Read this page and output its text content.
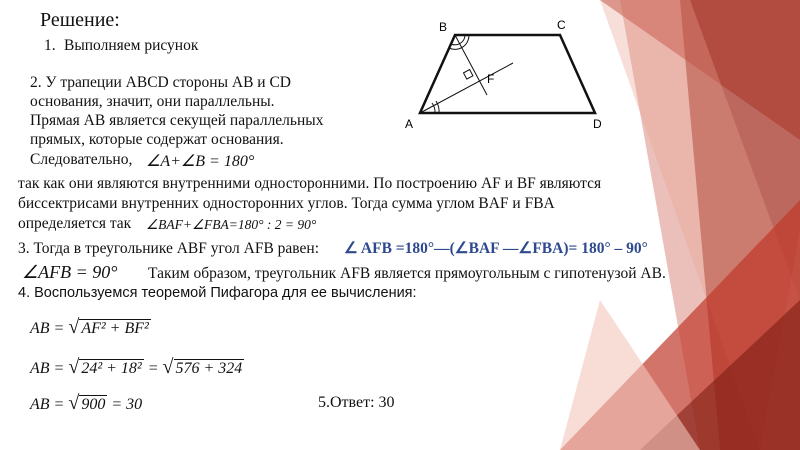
A
B	C
D
F
Решение:
1. Выполняем рисунок
2. У трапеции ABCD стороны AB и CD
основания, значит, они параллельны.
Прямая AB является секущей параллельных
прямых, которые содержат основания.
Следовательно, ∠A+∠B = 180°
так как они являются внутренними односторонними. По построению AF и BF являются
биссектрисами внутренних односторонних углов. Тогда сумма углом BAF и FBA
определяется так ∠BAF+∠FBA=180° : 2 = 90°
3. Тогда в треугольнике ABF угол AFB равен: ∠ AFB =180°—(∠BAF —∠FBA)= 180° – 90°
∠AFB = 90° Таким образом, треугольник AFB является прямоугольным с гипотенузой AB.
4. Воспользуемся теоремой Пифагора для ее вычисления:
AB = √ AF² + BF²
AB = √ 24² + 18² = √ 576 + 324
AB = √ 900 = 30	5.Ответ: 30
